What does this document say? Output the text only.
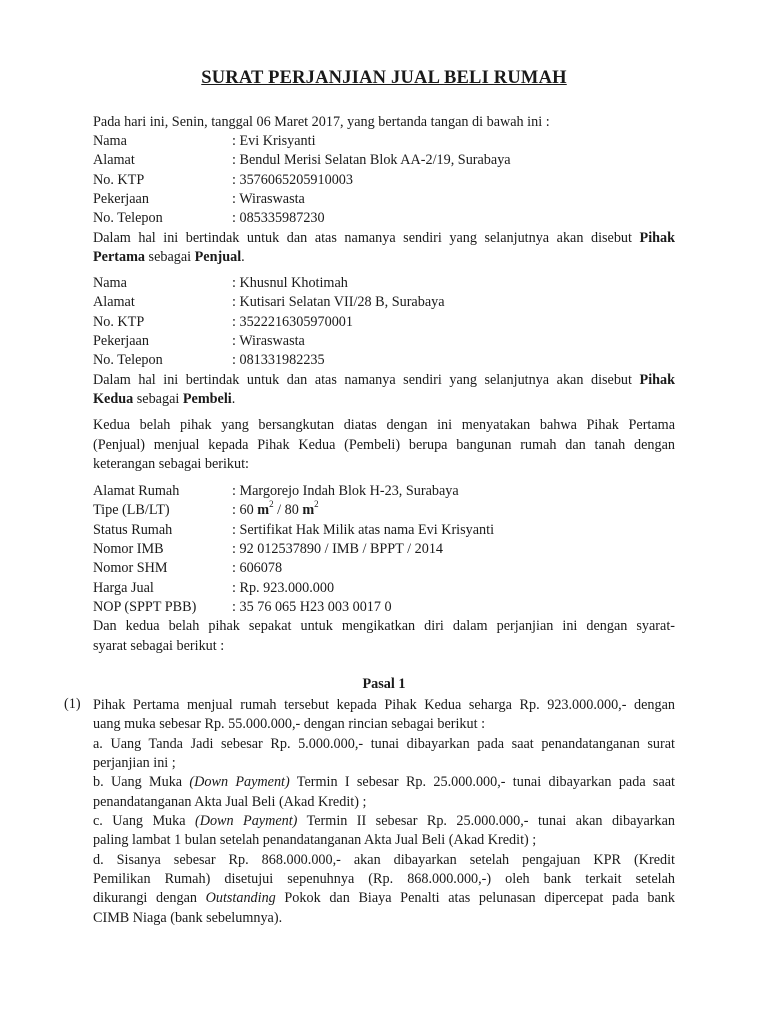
SURAT PERJANJIAN JUAL BELI RUMAH
Pada hari ini, Senin, tanggal 06 Maret 2017, yang bertanda tangan di bawah ini :
Nama	: Evi Krisyanti
Alamat	: Bendul Merisi Selatan Blok AA-2/19, Surabaya
No. KTP	: 3576065205910003
Pekerjaan	: Wiraswasta
No. Telepon	: 085335987230
Dalam hal ini bertindak untuk dan atas namanya sendiri yang selanjutnya akan disebut Pihak
Pertama sebagai Penjual.
Nama	: Khusnul Khotimah
Alamat	: Kutisari Selatan VII/28 B, Surabaya
No. KTP	: 3522216305970001
Pekerjaan	: Wiraswasta
No. Telepon	: 081331982235
Dalam hal ini bertindak untuk dan atas namanya sendiri yang selanjutnya akan disebut Pihak
Kedua sebagai Pembeli.
Kedua belah pihak yang bersangkutan diatas dengan ini menyatakan bahwa Pihak Pertama
(Penjual) menjual kepada Pihak Kedua (Pembeli) berupa bangunan rumah dan tanah dengan
keterangan sebagai berikut:
Alamat Rumah	: Margorejo Indah Blok H-23, Surabaya
Tipe (LB/LT)	: 60 $m^2 / 80$ $m^2$
Status Rumah	: Sertifikat Hak Milik atas nama Evi Krisyanti
Nomor IMB	: 92 012537890 / IMB / BPPT / 2014
Nomor SHM	: 606078
Harga Jual	: Rp. 923.000.000
NOP (SPPT PBB)	: 35 76 065 H23 003 0017 0
Dan kedua belah pihak sepakat untuk mengikatkan diri dalam perjanjian ini dengan syarat-
syarat sebagai berikut :
Pasal 1
(1) Pihak Pertama menjual rumah tersebut kepada Pihak Kedua seharga Rp. 923.000.000,- dengan
uang muka sebesar Rp. 55.000.000,- dengan rincian sebagai berikut :
a. Uang Tanda Jadi sebesar Rp. 5.000.000,- tunai dibayarkan pada saat penandatanganan surat
perjanjian ini ;
b. Uang Muka (Down Payment) Termin I sebesar Rp. 25.000.000,- tunai dibayarkan pada saat
penandatanganan Akta Jual Beli (Akad Kredit) ;
c. Uang Muka (Down Payment) Termin II sebesar Rp. 25.000.000,- tunai akan dibayarkan
paling lambat 1 bulan setelah penandatanganan Akta Jual Beli (Akad Kredit) ;
d. Sisanya sebesar Rp. 868.000.000,- akan dibayarkan setelah pengajuan KPR (Kredit
Pemilikan Rumah) disetujui sepenuhnya (Rp. 868.000.000,-) oleh bank terkait setelah
dikurangi dengan Outstanding Pokok dan Biaya Penalti atas pelunasan dipercepat pada bank
CIMB Niaga (bank sebelumnya).
